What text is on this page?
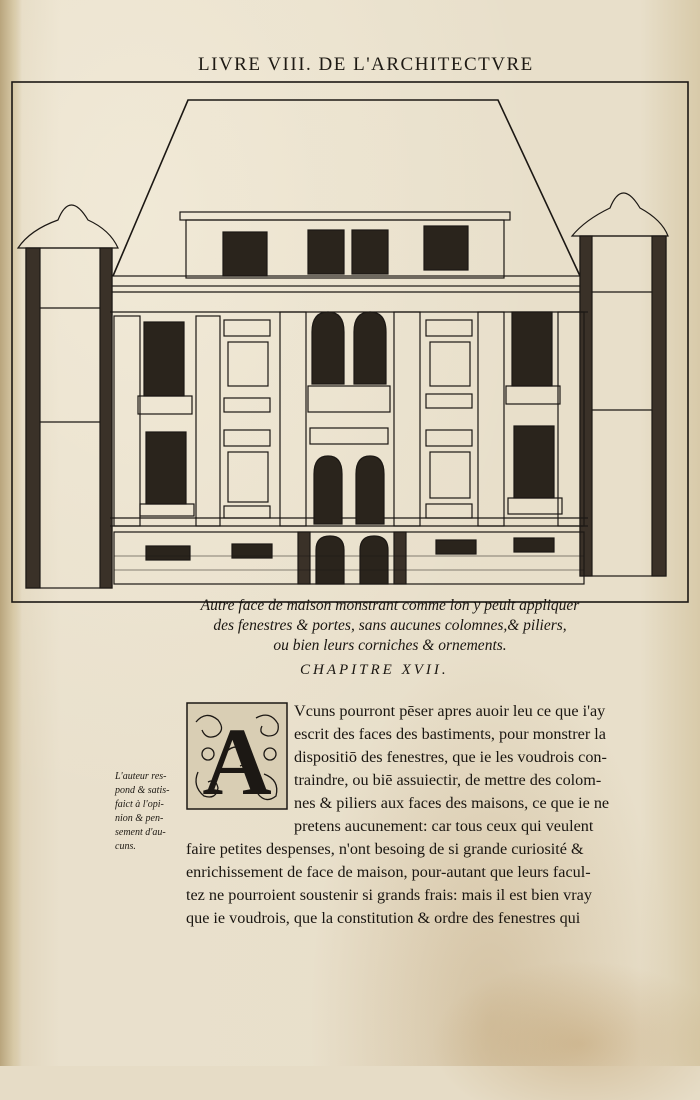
LIVRE VIII. DE L'ARCHITECTVRE
Autre face de maison monstrant comme lon y peult appliquer
des fenestres & portes, sans aucunes colomnes,& piliers,
ou bien leurs corniches & ornements.
CHAPITRE XVII.
A
L'auteur res-
pond & satis-
faict à l'opi-
nion & pen-
sement d'au-
cuns.
Vcuns pourront pēser apres auoir leu ce que i'ay
escrit des faces des bastiments, pour monstrer la
dispositiō des fenestres, que ie les voudrois con-
traindre, ou biē assuiectir, de mettre des colom-
nes & piliers aux faces des maisons, ce que ie ne
pretens aucunement: car tous ceux qui veulent
faire petites despenses, n'ont besoing de si grande curiosité &
enrichissement de face de maison, pour-autant que leurs facul-
tez ne pourroient soustenir si grands frais: mais il est bien vray
que ie voudrois, que la constitution & ordre des fenestres qui
